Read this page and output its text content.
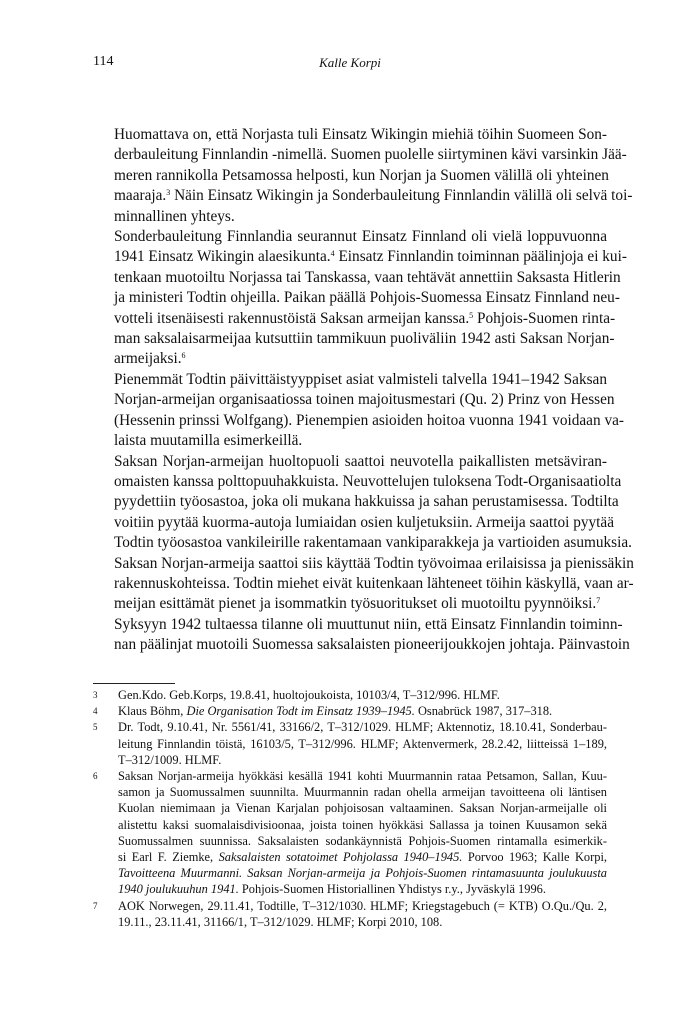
114	Kalle Korpi

Huomattava on, että Norjasta tuli Einsatz Wikingin miehiä töihin Suomeen Son-
derbauleitung Finnlandin -nimellä. Suomen puolelle siirtyminen kävi varsinkin Jää-
meren rannikolla Petsamossa helposti, kun Norjan ja Suomen välillä oli yhteinen
maaraja.$^3$ Näin Einsatz Wikingin ja Sonderbauleitung Finnlandin välillä oli selvä toi-
minnallinen yhteys.

Sonderbauleitung Finnlandia seurannut Einsatz Finnland oli vielä loppuvuonna
1941 Einsatz Wikingin alaesikunta.$^4$ Einsatz Finnlandin toiminnan päälinjoja ei kui-
tenkaan muotoiltu Norjassa tai Tanskassa, vaan tehtävät annettiin Saksasta Hitlerin
ja ministeri Todtin ohjeilla. Paikan päällä Pohjois-Suomessa Einsatz Finnland neu-
votteli itsenäisesti rakennustöistä Saksan armeijan kanssa.$^5$ Pohjois-Suomen rinta-
man saksalaisarmeijaa kutsuttiin tammikuun puoliväliin 1942 asti Saksan Norjan-
armeijaksi.$^6$

Pienemmät Todtin päivittäistyyppiset asiat valmisteli talvella 1941–1942 Saksan
Norjan-armeijan organisaatiossa toinen majoitusmestari (Qu. 2) Prinz von Hessen
(Hessenin prinssi Wolfgang). Pienempien asioiden hoitoa vuonna 1941 voidaan va-
laista muutamilla esimerkeillä.

Saksan Norjan-armeijan huoltopuoli saattoi neuvotella paikallisten metsäviran-
omaisten kanssa polttopuuhakkuista. Neuvottelujen tuloksena Todt-Organisaatiolta
pyydettiin työosastoa, joka oli mukana hakkuissa ja sahan perustamisessa. Todtilta
voitiin pyytää kuorma-autoja lumiaidan osien kuljetuksiin. Armeija saattoi pyytää
Todtin työosastoa vankileirille rakentamaan vankiparakkeja ja vartioiden asumuksia.
Saksan Norjan-armeija saattoi siis käyttää Todtin työvoimaa erilaisissa ja pienissäkin
rakennuskohteissa. Todtin miehet eivät kuitenkaan lähteneet töihin käskyllä, vaan ar-
meijan esittämät pienet ja isommatkin työsuoritukset oli muotoiltu pyynnöiksi.$^7$

Syksyyn 1942 tultaessa tilanne oli muuttunut niin, että Einsatz Finnlandin toiminn-
nan päälinjat muotoili Suomessa saksalaisten pioneerijoukkojen johtaja. Päinvastoin

3 Gen.Kdo. Geb.Korps, 19.8.41, huoltojoukoista, 10103/4, T–312/996. HLMF.
4 Klaus Böhm, Die Organisation Todt im Einsatz 1939–1945. Osnabrück 1987, 317–318.
5 Dr. Todt, 9.10.41, Nr. 5561/41, 33166/2, T–312/1029. HLMF; Aktennotiz, 18.10.41, Sonderbau-
leitung Finnlandin töistä, 16103/5, T–312/996. HLMF; Aktenvermerk, 28.2.42, liitteissä 1–189,
T–312/1009. HLMF.
6 Saksan Norjan-armeija hyökkäsi kesällä 1941 kohti Muurmannin rataa Petsamon, Sallan, Kuu-
samon ja Suomussalmen suunnilta. Muurmannin radan ohella armeijan tavoitteena oli läntisen
Kuolan niemimaan ja Vienan Karjalan pohjoisosan valtaaminen. Saksan Norjan-armeijalle oli
alistettu kaksi suomalaisdivisioonaa, joista toinen hyökkäsi Sallassa ja toinen Kuusamon sekä
Suomussalmen suunnissa. Saksalaisten sodankäynnistä Pohjois-Suomen rintamalla esimerkik-
si Earl F. Ziemke, Saksalaisten sotatoimet Pohjolassa 1940–1945. Porvoo 1963; Kalle Korpi,
Tavoitteena Muurmanni. Saksan Norjan-armeija ja Pohjois-Suomen rintamasuunta joulukuusta
1940 joulukuuhun 1941. Pohjois-Suomen Historiallinen Yhdistys r.y., Jyväskylä 1996.
7 AOK Norwegen, 29.11.41, Todtille, T–312/1030. HLMF; Kriegstagebuch (= KTB) O.Qu./Qu. 2,
19.11., 23.11.41, 31166/1, T–312/1029. HLMF; Korpi 2010, 108.
